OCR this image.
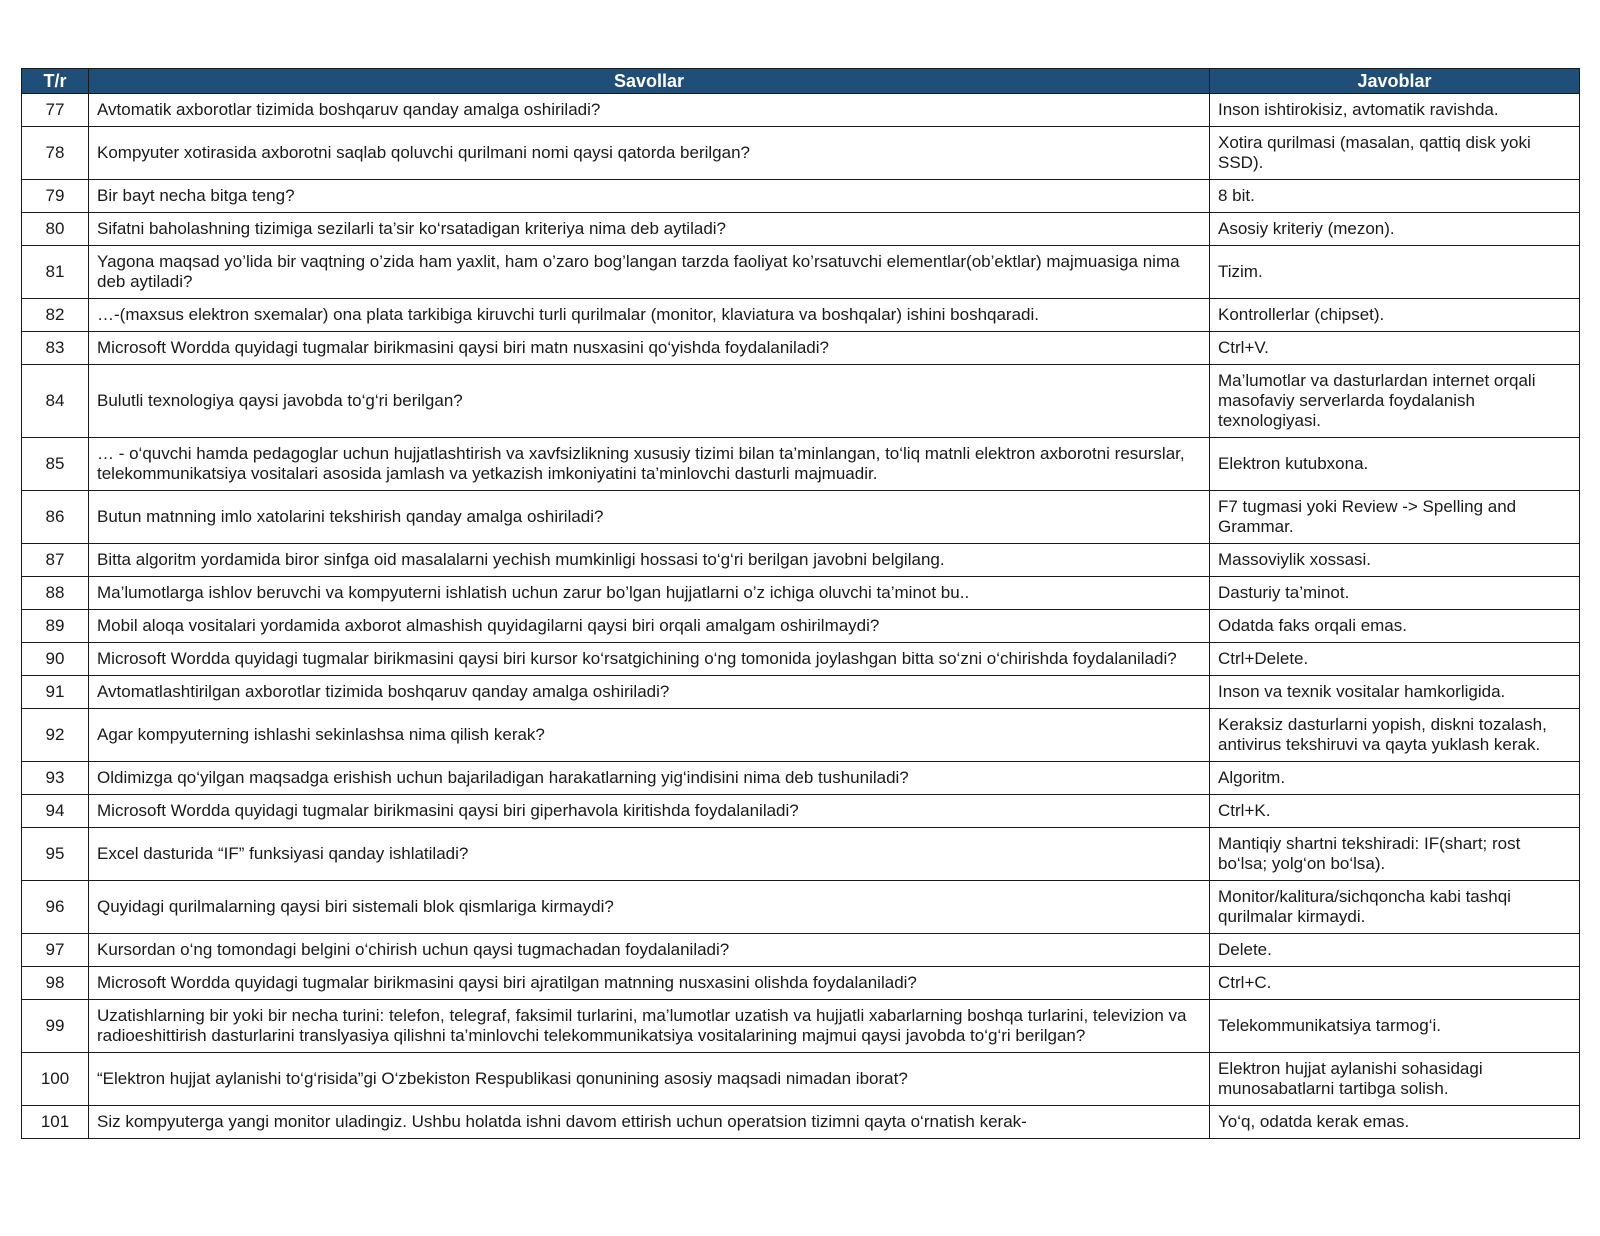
T/r	Savollar	Javoblar
77	Avtomatik axborotlar tizimida boshqaruv qanday amalga oshiriladi?	Inson ishtirokisiz, avtomatik ravishda.
78	Kompyuter xotirasida axborotni saqlab qoluvchi qurilmani nomi qaysi qatorda berilgan?	Xotira qurilmasi (masalan, qattiq disk yoki SSD).
79	Bir bayt necha bitga teng?	8 bit.
80	Sifatni baholashning tizimiga sezilarli ta’sir ko‘rsatadigan kriteriya nima deb aytiladi?	Asosiy kriteriy (mezon).
81	Yagona maqsad yo’lida bir vaqtning o’zida ham yaxlit, ham o’zaro bog’langan tarzda faoliyat ko’rsatuvchi elementlar(ob’ektlar) majmuasiga nima deb aytiladi?	Tizim.
82	…-(maxsus elektron sxemalar) ona plata tarkibiga kiruvchi turli qurilmalar (monitor, klaviatura va boshqalar) ishini boshqaradi.	Kontrollerlar (chipset).
83	Microsoft Wordda quyidagi tugmalar birikmasini qaysi biri matn nusxasini qo‘yishda foydalaniladi?	Ctrl+V.
84	Bulutli texnologiya qaysi javobda to‘g‘ri berilgan?	Ma’lumotlar va dasturlardan internet orqali masofaviy serverlarda foydalanish texnologiyasi.
85	… - o‘quvchi hamda pedagoglar uchun hujjatlashtirish va xavfsizlikning xususiy tizimi bilan ta’minlangan, to‘liq matnli elektron axborotni resurslar, telekommunikatsiya vositalari asosida jamlash va yetkazish imkoniyatini ta’minlovchi dasturli majmuadir.	Elektron kutubxona.
86	Butun matnning imlo xatolarini tekshirish qanday amalga oshiriladi?	F7 tugmasi yoki Review -> Spelling and Grammar.
87	Bitta algoritm yordamida biror sinfga oid masalalarni yechish mumkinligi hossasi to‘g‘ri berilgan javobni belgilang.	Massoviylik xossasi.
88	Ma’lumotlarga ishlov beruvchi va kompyuterni ishlatish uchun zarur bo’lgan hujjatlarni o’z ichiga oluvchi ta’minot bu..	Dasturiy ta’minot.
89	Mobil aloqa vositalari yordamida axborot almashish quyidagilarni qaysi biri orqali amalgam oshirilmaydi?	Odatda faks orqali emas.
90	Microsoft Wordda quyidagi tugmalar birikmasini qaysi biri kursor ko‘rsatgichining o‘ng tomonida joylashgan bitta so‘zni o‘chirishda foydalaniladi?	Ctrl+Delete.
91	Avtomatlashtirilgan axborotlar tizimida boshqaruv qanday amalga oshiriladi?	Inson va texnik vositalar hamkorligida.
92	Agar kompyuterning ishlashi sekinlashsa nima qilish kerak?	Keraksiz dasturlarni yopish, diskni tozalash, antivirus tekshiruvi va qayta yuklash kerak.
93	Oldimizga qo‘yilgan maqsadga erishish uchun bajariladigan harakatlarning yig‘indisini nima deb tushuniladi?	Algoritm.
94	Microsoft Wordda quyidagi tugmalar birikmasini qaysi biri giperhavola kiritishda foydalaniladi?	Ctrl+K.
95	Excel dasturida “IF” funksiyasi qanday ishlatiladi?	Mantiqiy shartni tekshiradi: IF(shart; rost bo‘lsa; yolg‘on bo‘lsa).
96	Quyidagi qurilmalarning qaysi biri sistemali blok qismlariga kirmaydi?	Monitor/kalitura/sichqoncha kabi tashqi qurilmalar kirmaydi.
97	Kursordan o‘ng tomondagi belgini o‘chirish uchun qaysi tugmachadan foydalaniladi?	Delete.
98	Microsoft Wordda quyidagi tugmalar birikmasini qaysi biri ajratilgan matnning nusxasini olishda foydalaniladi?	Ctrl+C.
99	Uzatishlarning bir yoki bir necha turini: telefon, telegraf, faksimil turlarini, ma’lumotlar uzatish va hujjatli xabarlarning boshqa turlarini, televizion va radioeshittirish dasturlarini translyasiya qilishni ta’minlovchi telekommunikatsiya vositalarining majmui qaysi javobda to‘g‘ri berilgan?	Telekommunikatsiya tarmog‘i.
100	“Elektron hujjat aylanishi to‘g‘risida”gi O‘zbekiston Respublikasi qonunining asosiy maqsadi nimadan iborat?	Elektron hujjat aylanishi sohasidagi munosabatlarni tartibga solish.
101	Siz kompyuterga yangi monitor uladingiz. Ushbu holatda ishni davom ettirish uchun operatsion tizimni qayta o‘rnatish kerak-	Yo‘q, odatda kerak emas.
